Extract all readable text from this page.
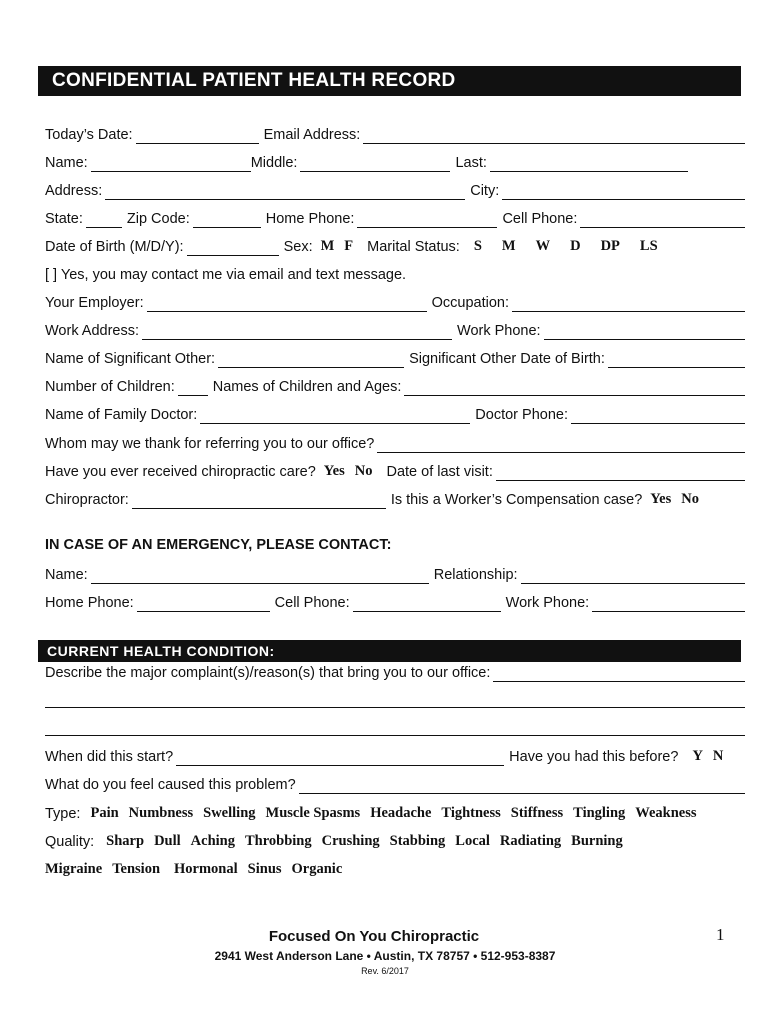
CONFIDENTIAL PATIENT HEALTH RECORD
Today’s Date:	Email Address:
Name:	Middle:	Last:
Address:	City:
State:	Zip Code:	Home Phone:	Cell Phone:
Date of Birth (M/D/Y):	Sex: M F Marital Status: S M W D DP LS
[ ] Yes, you may contact me via email and text message.
Your Employer:	Occupation:
Work Address:	Work Phone:
Name of Significant Other:	Significant Other Date of Birth:
Number of Children:	Names of Children and Ages:
Name of Family Doctor:	Doctor Phone:
Whom may we thank for referring you to our office?
Have you ever received chiropractic care? Yes No Date of last visit:
Chiropractor:	Is this a Worker’s Compensation case? Yes No
IN CASE OF AN EMERGENCY, PLEASE CONTACT:
Name:	Relationship:
Home Phone:	Cell Phone:	Work Phone:
CURRENT HEALTH CONDITION:
Describe the major complaint(s)/reason(s) that bring you to our office:
When did this start?	Have you had this before? Y N
What do you feel caused this problem?
Type: Pain Numbness Swelling Muscle Spasms Headache Tightness Stiffness Tingling Weakness
Quality: Sharp Dull Aching Throbbing Crushing Stabbing Local Radiating Burning
Migraine Tension Hormonal Sinus Organic
Focused On You Chiropractic	1
2941 West Anderson Lane • Austin, TX 78757 • 512-953-8387
Rev. 6/2017
